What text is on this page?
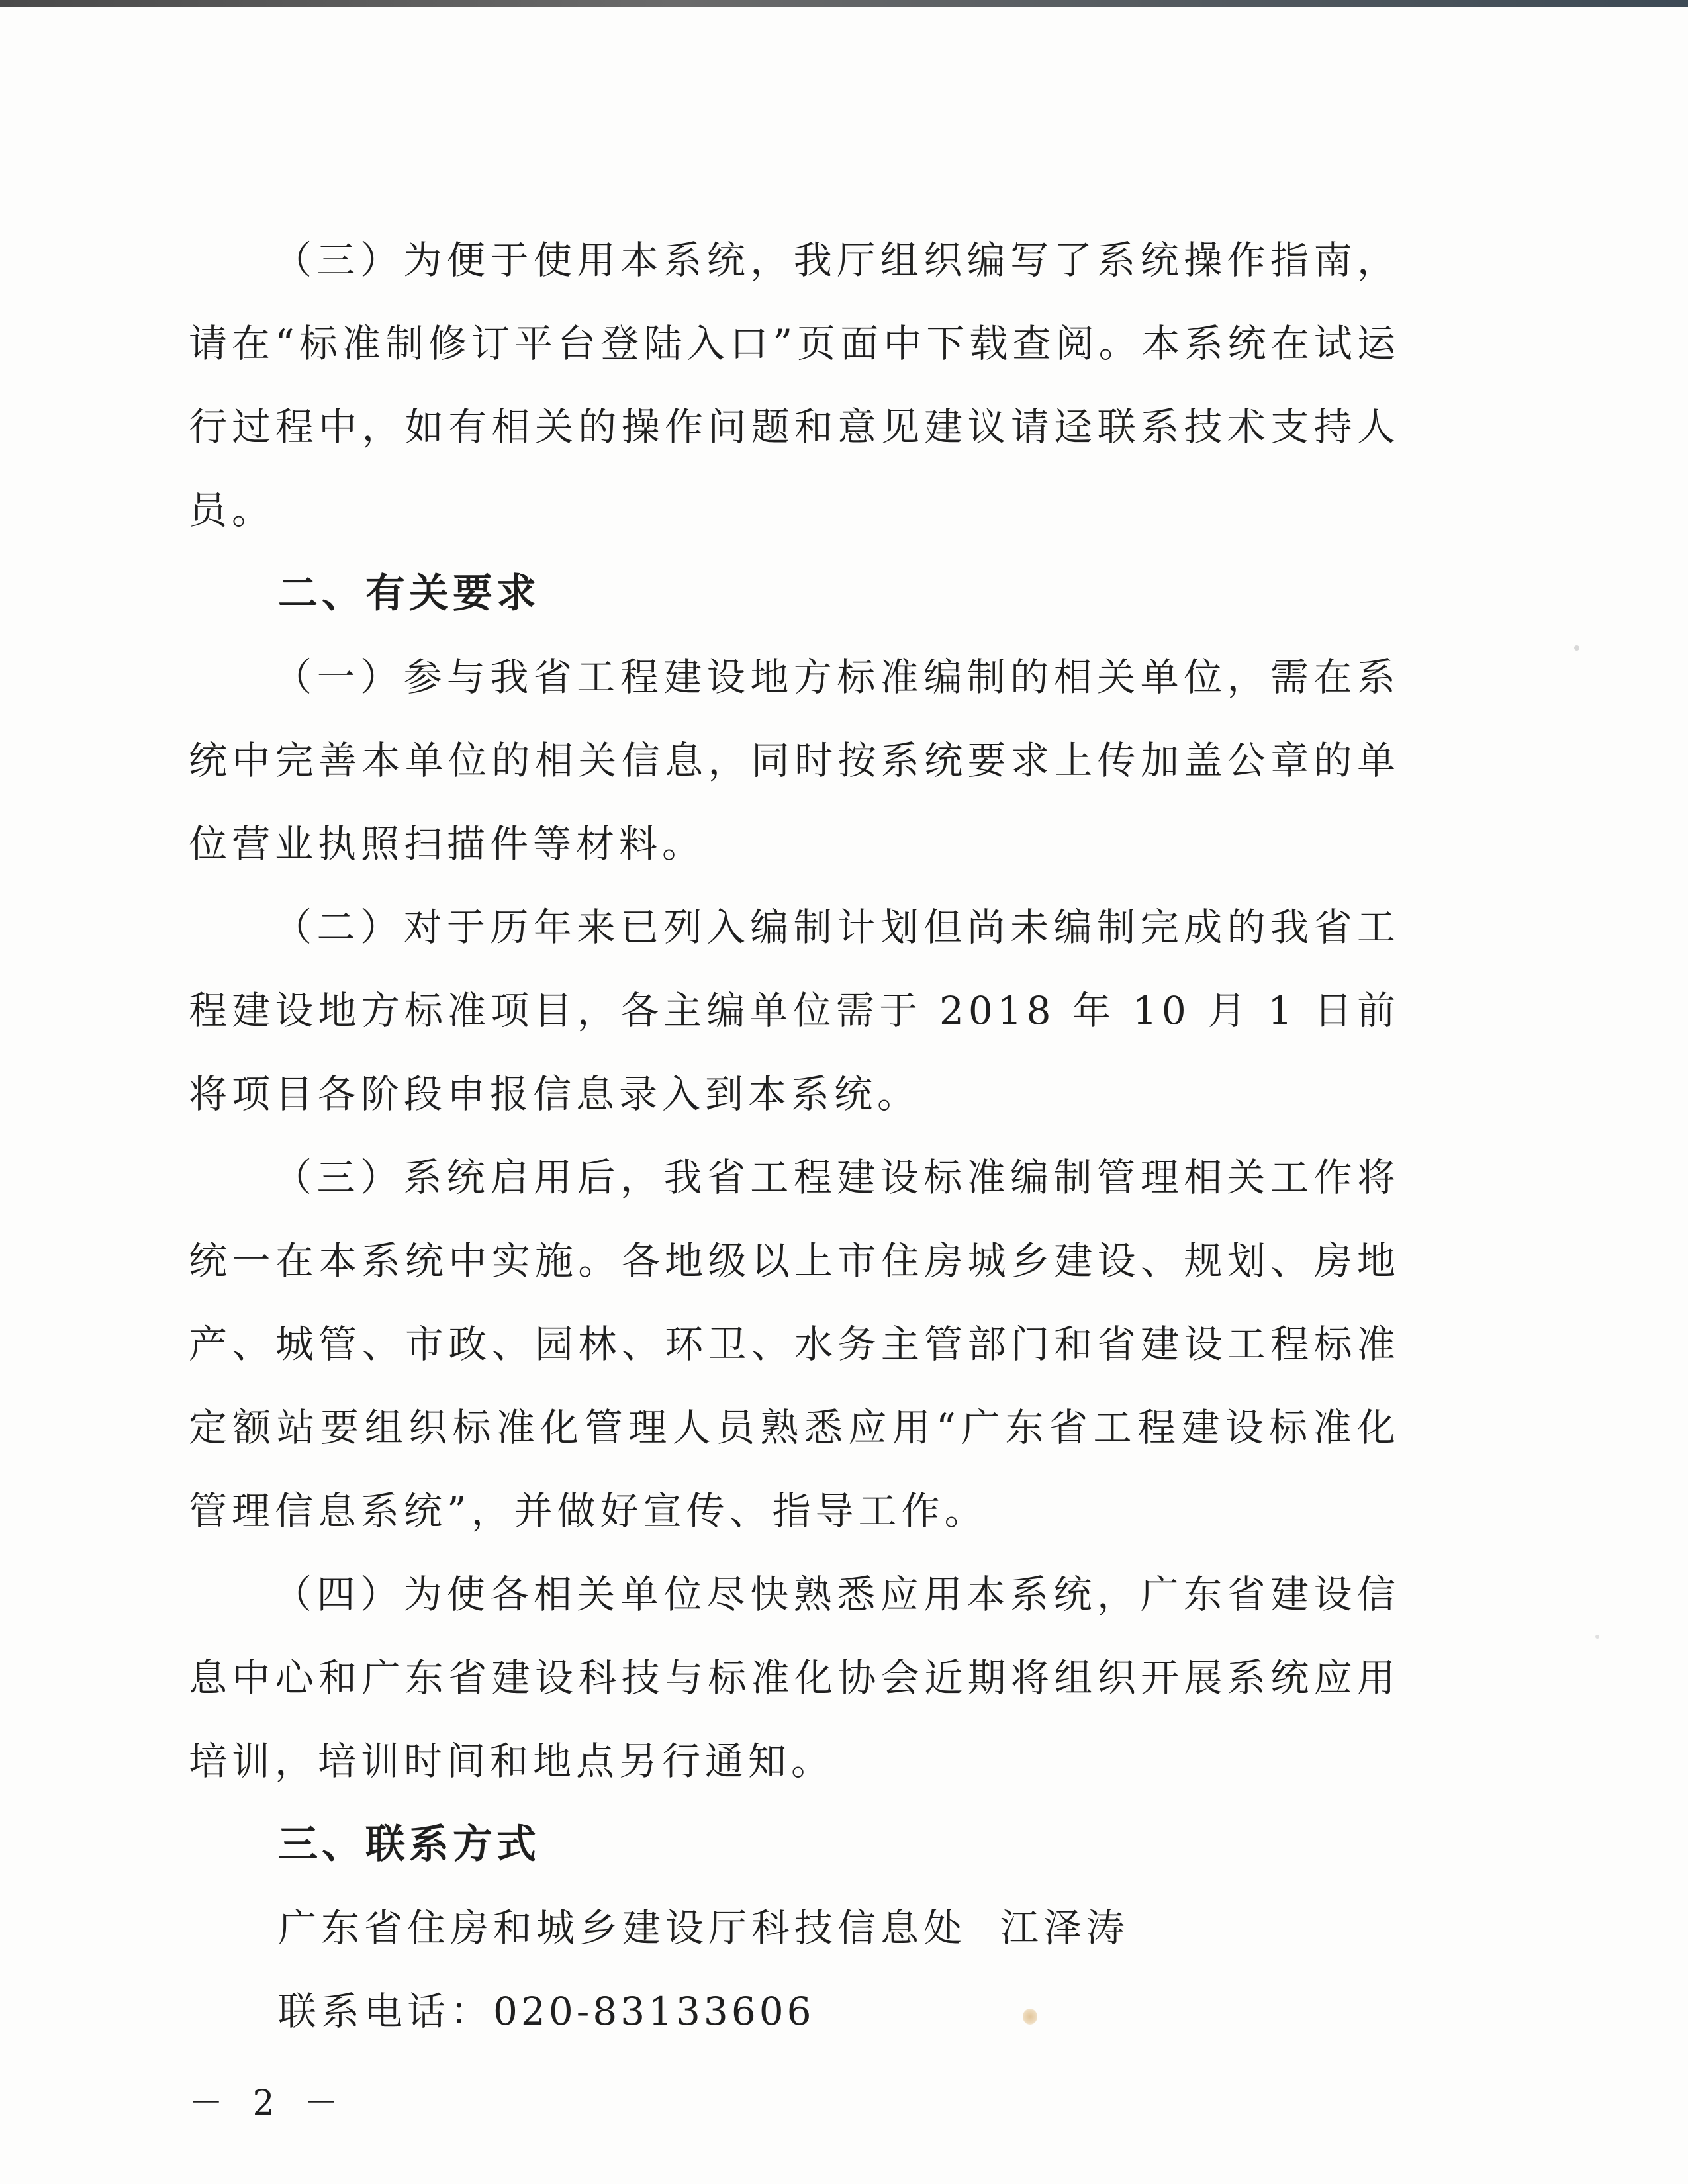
（三）为便于使用本系统，我厅组织编写了系统操作指南，请在“标准制修订平台登陆入口”页面中下载查阅。本系统在试运行过程中，如有相关的操作问题和意见建议请迳联系技术支持人员。

二、有关要求

（一）参与我省工程建设地方标准编制的相关单位，需在系统中完善本单位的相关信息，同时按系统要求上传加盖公章的单位营业执照扫描件等材料。

（二）对于历年来已列入编制计划但尚未编制完成的我省工程建设地方标准项目，各主编单位需于 2018 年 10 月 1 日前将项目各阶段申报信息录入到本系统。

（三）系统启用后，我省工程建设标准编制管理相关工作将统一在本系统中实施。各地级以上市住房城乡建设、规划、房地产、城管、市政、园林、环卫、水务主管部门和省建设工程标准定额站要组织标准化管理人员熟悉应用“广东省工程建设标准化管理信息系统”，并做好宣传、指导工作。

（四）为使各相关单位尽快熟悉应用本系统，广东省建设信息中心和广东省建设科技与标准化协会近期将组织开展系统应用培训，培训时间和地点另行通知。

三、联系方式

广东省住房和城乡建设厅科技信息处  江泽涛

联系电话：020-83133606

－ 2 －
